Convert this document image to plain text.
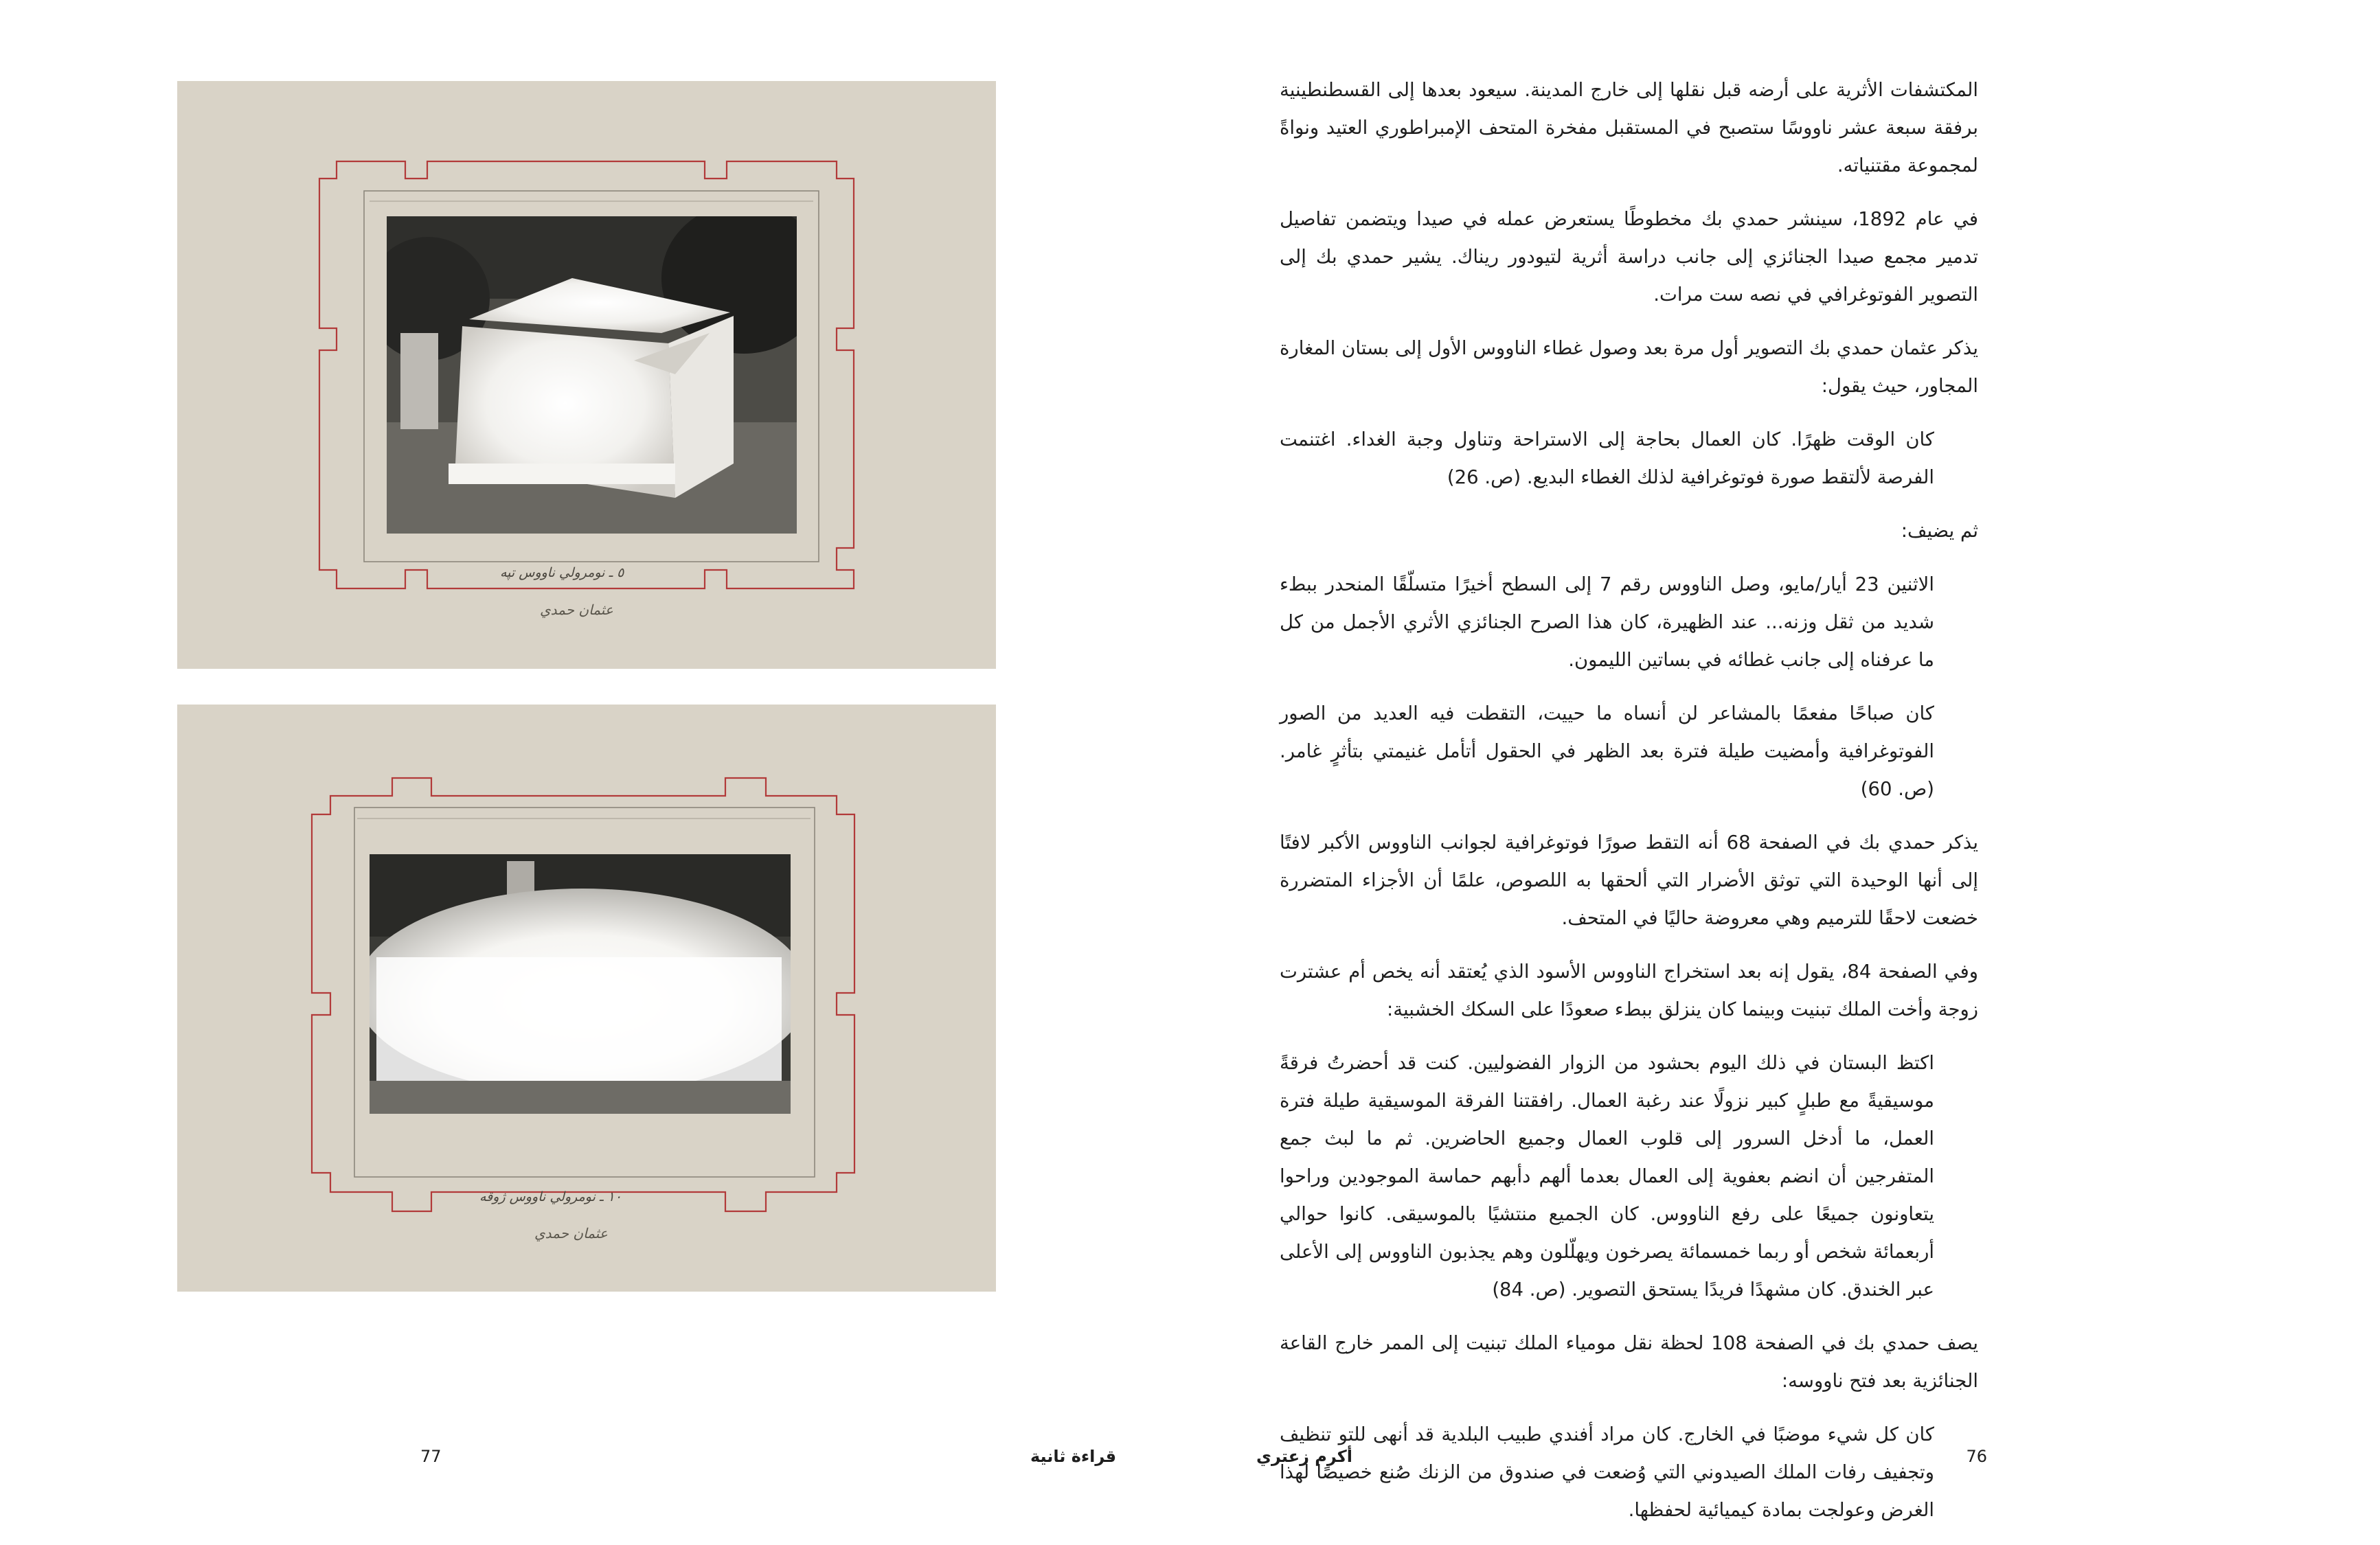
٥ ـ نومرولي ناووس تپه
عثمان حمدي
١٠ ـ نومرولي ناووس ژوقه
عثمان حمدي

المكتشفات الأثرية على أرضه قبل نقلها إلى خارج المدينة. سيعود بعدها إلى القسطنطينية برفقة سبعة عشر ناووسًا ستصبح في المستقبل مفخرة المتحف الإمبراطوري العتيد ونواةً لمجموعة مقتنياته.

في عام 1892، سينشر حمدي بك مخطوطًا يستعرض عمله في صيدا ويتضمن تفاصيل تدمير مجمع صيدا الجنائزي إلى جانب دراسة أثرية لتيودور ريناك. يشير حمدي بك إلى التصوير الفوتوغرافي في نصه ست مرات.

يذكر عثمان حمدي بك التصوير أول مرة بعد وصول غطاء الناووس الأول إلى بستان المغارة المجاور، حيث يقول:

كان الوقت ظهرًا. كان العمال بحاجة إلى الاستراحة وتناول وجبة الغداء. اغتنمت الفرصة لألتقط صورة فوتوغرافية لذلك الغطاء البديع. (ص. 26)

ثم يضيف:

الاثنين 23 أيار/مايو، وصل الناووس رقم 7 إلى السطح أخيرًا متسلّقًا المنحدر ببطء شديد من ثقل وزنه... عند الظهيرة، كان هذا الصرح الجنائزي الأثري الأجمل من كل ما عرفناه إلى جانب غطائه في بساتين الليمون.

كان صباحًا مفعمًا بالمشاعر لن أنساه ما حييت، التقطت فيه العديد من الصور الفوتوغرافية وأمضيت طيلة فترة بعد الظهر في الحقول أتأمل غنيمتي بتأثرٍ غامر. (ص. 60)

يذكر حمدي بك في الصفحة 68 أنه التقط صورًا فوتوغرافية لجوانب الناووس الأكبر لافتًا إلى أنها الوحيدة التي توثق الأضرار التي ألحقها به اللصوص، علمًا أن الأجزاء المتضررة خضعت لاحقًا للترميم وهي معروضة حاليًا في المتحف.

وفي الصفحة 84، يقول إنه بعد استخراج الناووس الأسود الذي يُعتقد أنه يخص أم عشترت زوجة وأخت الملك تبنيت وبينما كان ينزلق ببطء صعودًا على السكك الخشبية:

اكتظ البستان في ذلك اليوم بحشود من الزوار الفضوليين. كنت قد أحضرتُ فرقةً موسيقيةً مع طبلٍ كبير نزولًا عند رغبة العمال. رافقتنا الفرقة الموسيقية طيلة فترة العمل، ما أدخل السرور إلى قلوب العمال وجميع الحاضرين. ثم ما لبث جمع المتفرجين أن انضم بعفوية إلى العمال بعدما ألهم دأبهم حماسة الموجودين وراحوا يتعاونون جميعًا على رفع الناووس. كان الجميع منتشيًا بالموسيقى. كانوا حوالي أربعمائة شخص أو ربما خمسمائة يصرخون ويهلّلون وهم يجذبون الناووس إلى الأعلى عبر الخندق. كان مشهدًا فريدًا يستحق التصوير. (ص. 84)

يصف حمدي بك في الصفحة 108 لحظة نقل مومياء الملك تبنيت إلى الممر خارج القاعة الجنائزية بعد فتح ناووسه:

كان كل شيء موضبًا في الخارج. كان مراد أفندي طبيب البلدية قد أنهى للتو تنظيف وتجفيف رفات الملك الصيدوني التي وُضعت في صندوق من الزنك صُنع خصيصًا لهذا الغرض وعولجت بمادة كيميائية لحفظها.

76
أكرم زعتري
قراءة ثانية
77
